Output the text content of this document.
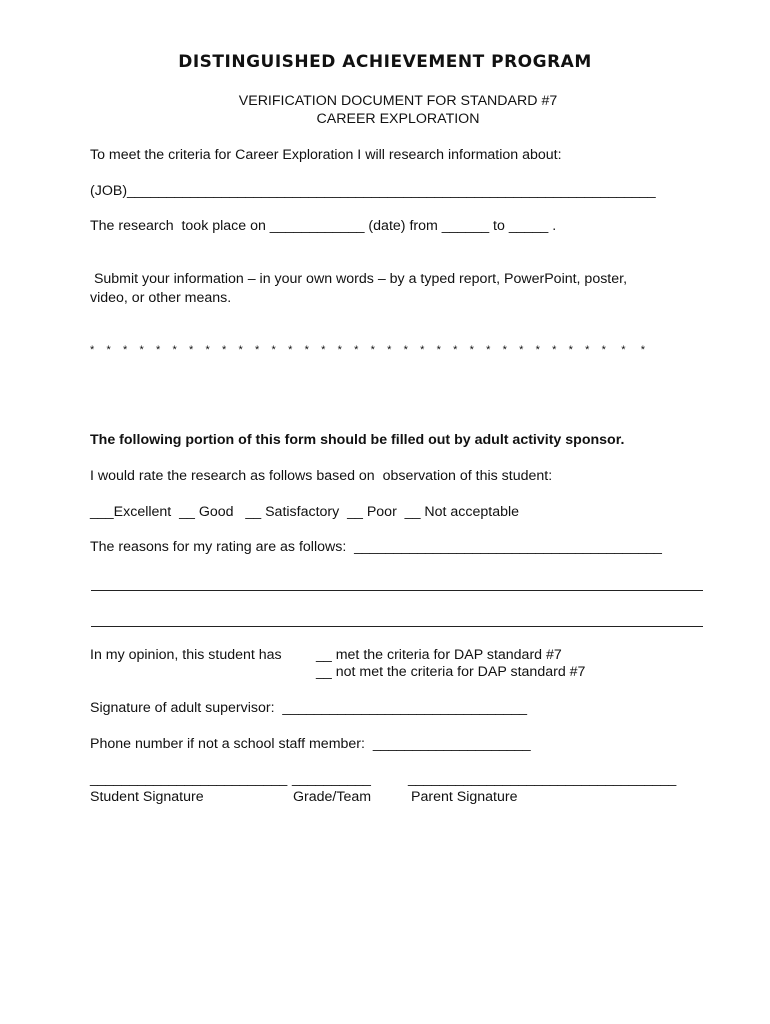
DISTINGUISHED ACHIEVEMENT PROGRAM
VERIFICATION DOCUMENT FOR STANDARD #7
CAREER EXPLORATION
To meet the criteria for Career Exploration I will research information about:
(JOB)___________________________________________________________________
The research  took place on ____________ (date) from ______ to _____ .
Submit your information – in your own words – by a typed report, PowerPoint, poster,
video, or other means.
*    *    *    *    *    *    *    *    *    *    *    *    *    *    *    *    *    *    *    *    *    *    *    *    *    *    *    *    *    *    *    *     *     *
The following portion of this form should be filled out by adult activity sponsor.
I would rate the research as follows based on  observation of this student:
___Excellent  __ Good   __ Satisfactory  __ Poor  __ Not acceptable
The reasons for my rating are as follows:  _______________________________________
In my opinion, this student has __ met the criteria for DAP standard #7
__ not met the criteria for DAP standard #7
Signature of adult supervisor:  _______________________________
Phone number if not a school staff member:  ____________________
_________________________ __________	__________________________________
Student Signature	Grade/Team	Parent Signature
